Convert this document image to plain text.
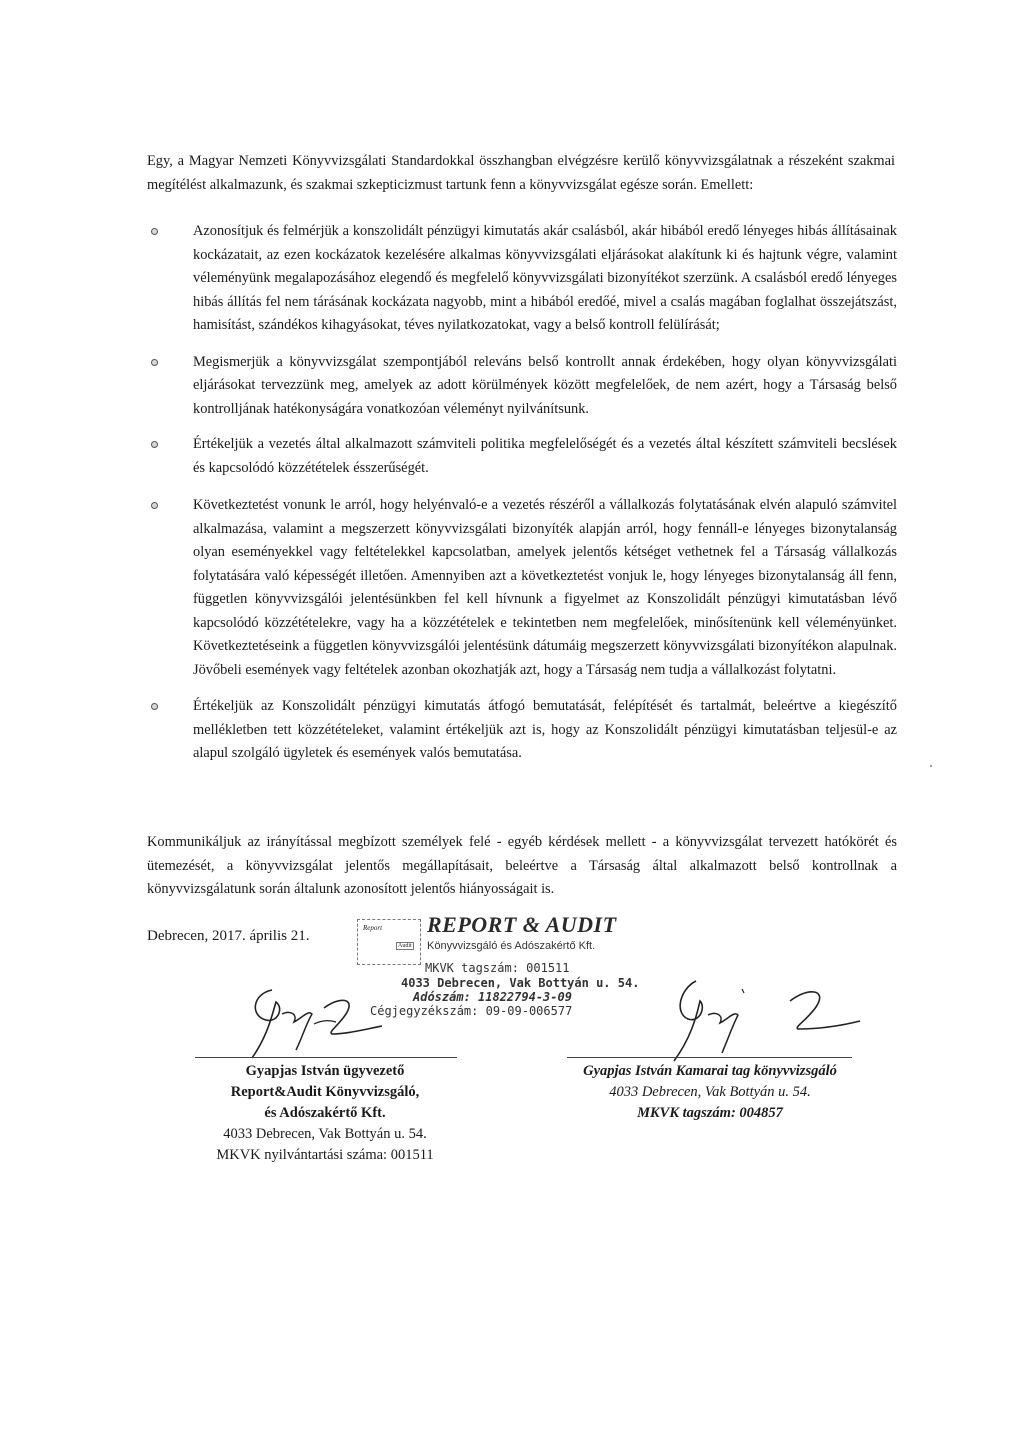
Egy, a Magyar Nemzeti Könyvvizsgálati Standardokkal összhangban elvégzésre kerülő könyvvizsgálatnak a részeként szakmai megítélést alkalmazunk, és szakmai szkepticizmust tartunk fenn a könyvvizsgálat egésze során. Emellett:
Azonosítjuk és felmérjük a konszolidált pénzügyi kimutatás akár csalásból, akár hibából eredő lényeges hibás állításainak kockázatait, az ezen kockázatok kezelésére alkalmas könyvvizsgálati eljárásokat alakítunk ki és hajtunk végre, valamint véleményünk megalapozásához elegendő és megfelelő könyvvizsgálati bizonyítékot szerzünk. A csalásból eredő lényeges hibás állítás fel nem tárásának kockázata nagyobb, mint a hibából eredőé, mivel a csalás magában foglalhat összejátszást, hamisítást, szándékos kihagyásokat, téves nyilatkozatokat, vagy a belső kontroll felülírását;
Megismerjük a könyvvizsgálat szempontjából releváns belső kontrollt annak érdekében, hogy olyan könyvvizsgálati eljárásokat tervezzünk meg, amelyek az adott körülmények között megfelelőek, de nem azért, hogy a Társaság belső kontrolljának hatékonyságára vonatkozóan véleményt nyilvánítsunk.
Értékeljük a vezetés által alkalmazott számviteli politika megfelelőségét és a vezetés által készített számviteli becslések és kapcsolódó közzétételek ésszerűségét.
Következtetést vonunk le arról, hogy helyénvaló-e a vezetés részéről a vállalkozás folytatásának elvén alapuló számvitel alkalmazása, valamint a megszerzett könyvvizsgálati bizonyíték alapján arról, hogy fennáll-e lényeges bizonytalanság olyan eseményekkel vagy feltételekkel kapcsolatban, amelyek jelentős kétséget vethetnek fel a Társaság vállalkozás folytatására való képességét illetően. Amennyiben azt a következtetést vonjuk le, hogy lényeges bizonytalanság áll fenn, független könyvvizsgálói jelentésünkben fel kell hívnunk a figyelmet az Konszolidált pénzügyi kimutatásban lévő kapcsolódó közzétételekre, vagy ha a közzétételek e tekintetben nem megfelelőek, minősítenünk kell véleményünket. Következtetéseink a független könyvvizsgálói jelentésünk dátumáig megszerzett könyvvizsgálati bizonyítékon alapulnak. Jövőbeli események vagy feltételek azonban okozhatják azt, hogy a Társaság nem tudja a vállalkozást folytatni.
Értékeljük az Konszolidált pénzügyi kimutatás átfogó bemutatását, felépítését és tartalmát, beleértve a kiegészítő mellékletben tett közzétételeket, valamint értékeljük azt is, hogy az Konszolidált pénzügyi kimutatásban teljesül-e az alapul szolgáló ügyletek és események valós bemutatása.
Kommunikáljuk az irányítással megbízott személyek felé - egyéb kérdések mellett - a könyvvizsgálat tervezett hatókörét és ütemezését, a könyvvizsgálat jelentős megállapításait, beleértve a Társaság által alkalmazott belső kontrollnak a könyvvizsgálatunk során általunk azonosított jelentős hiányosságait is.
Debrecen, 2017. április 21.	Report
Audit
REPORT & AUDIT
Könyvvizsgáló és Adószakértő Kft.
MKVK tagszám: 001511
4033 Debrecen, Vak Bottyán u. 54.
Adószám: 11822794-3-09
Cégjegyzékszám: 09-09-006577
Gyapjas István ügyvezető
Report&Audit Könyvvizsgáló,
és Adószakértő Kft.
4033 Debrecen, Vak Bottyán u. 54.
MKVK nyilvántartási száma: 001511
Gyapjas István Kamarai tag könyvvizsgáló
4033 Debrecen, Vak Bottyán u. 54.
MKVK tagszám: 004857
